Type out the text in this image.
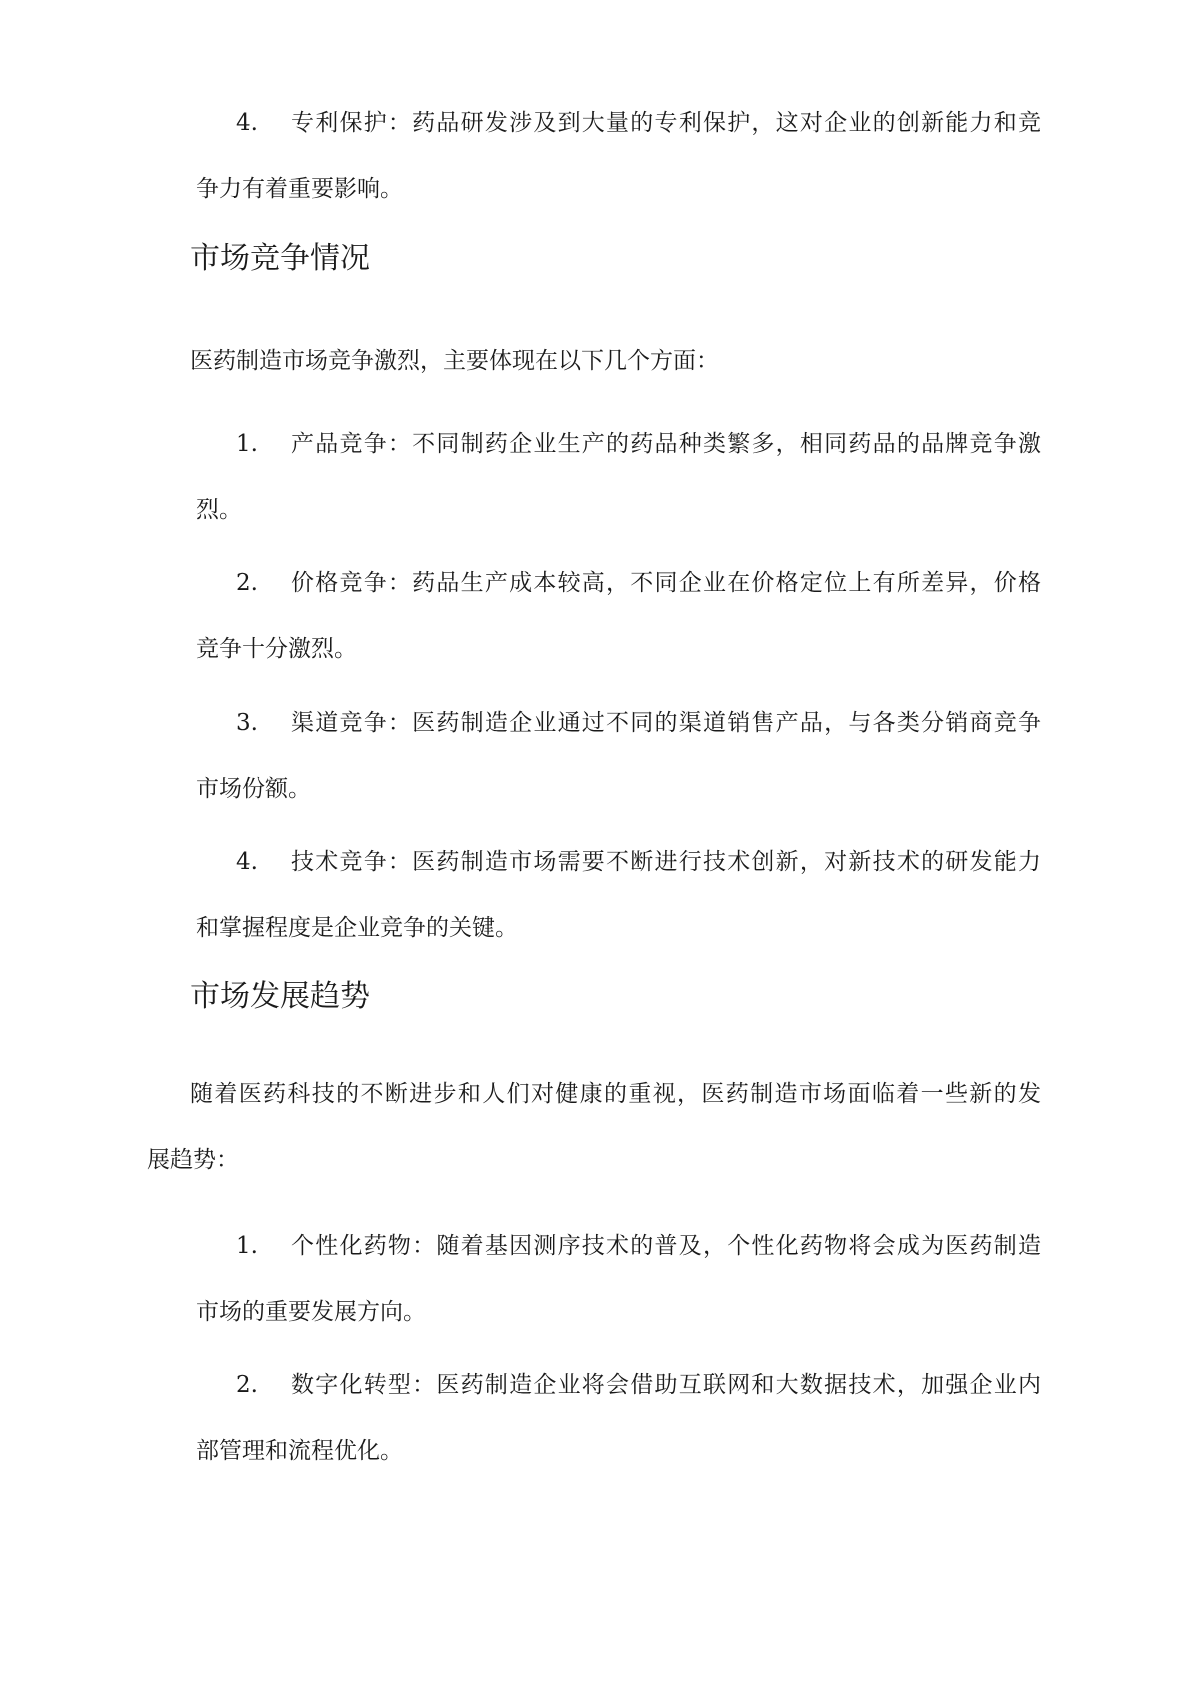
4. 专利保护：药品研发涉及到大量的专利保护，这对企业的创新能力和竞
争力有着重要影响。
市场竞争情况
医药制造市场竞争激烈，主要体现在以下几个方面：
1. 产品竞争：不同制药企业生产的药品种类繁多，相同药品的品牌竞争激
烈。
2. 价格竞争：药品生产成本较高，不同企业在价格定位上有所差异，价格
竞争十分激烈。
3. 渠道竞争：医药制造企业通过不同的渠道销售产品，与各类分销商竞争
市场份额。
4. 技术竞争：医药制造市场需要不断进行技术创新，对新技术的研发能力
和掌握程度是企业竞争的关键。
市场发展趋势
随着医药科技的不断进步和人们对健康的重视，医药制造市场面临着一些新的发
展趋势：
1. 个性化药物：随着基因测序技术的普及，个性化药物将会成为医药制造
市场的重要发展方向。
2. 数字化转型：医药制造企业将会借助互联网和大数据技术，加强企业内
部管理和流程优化。
